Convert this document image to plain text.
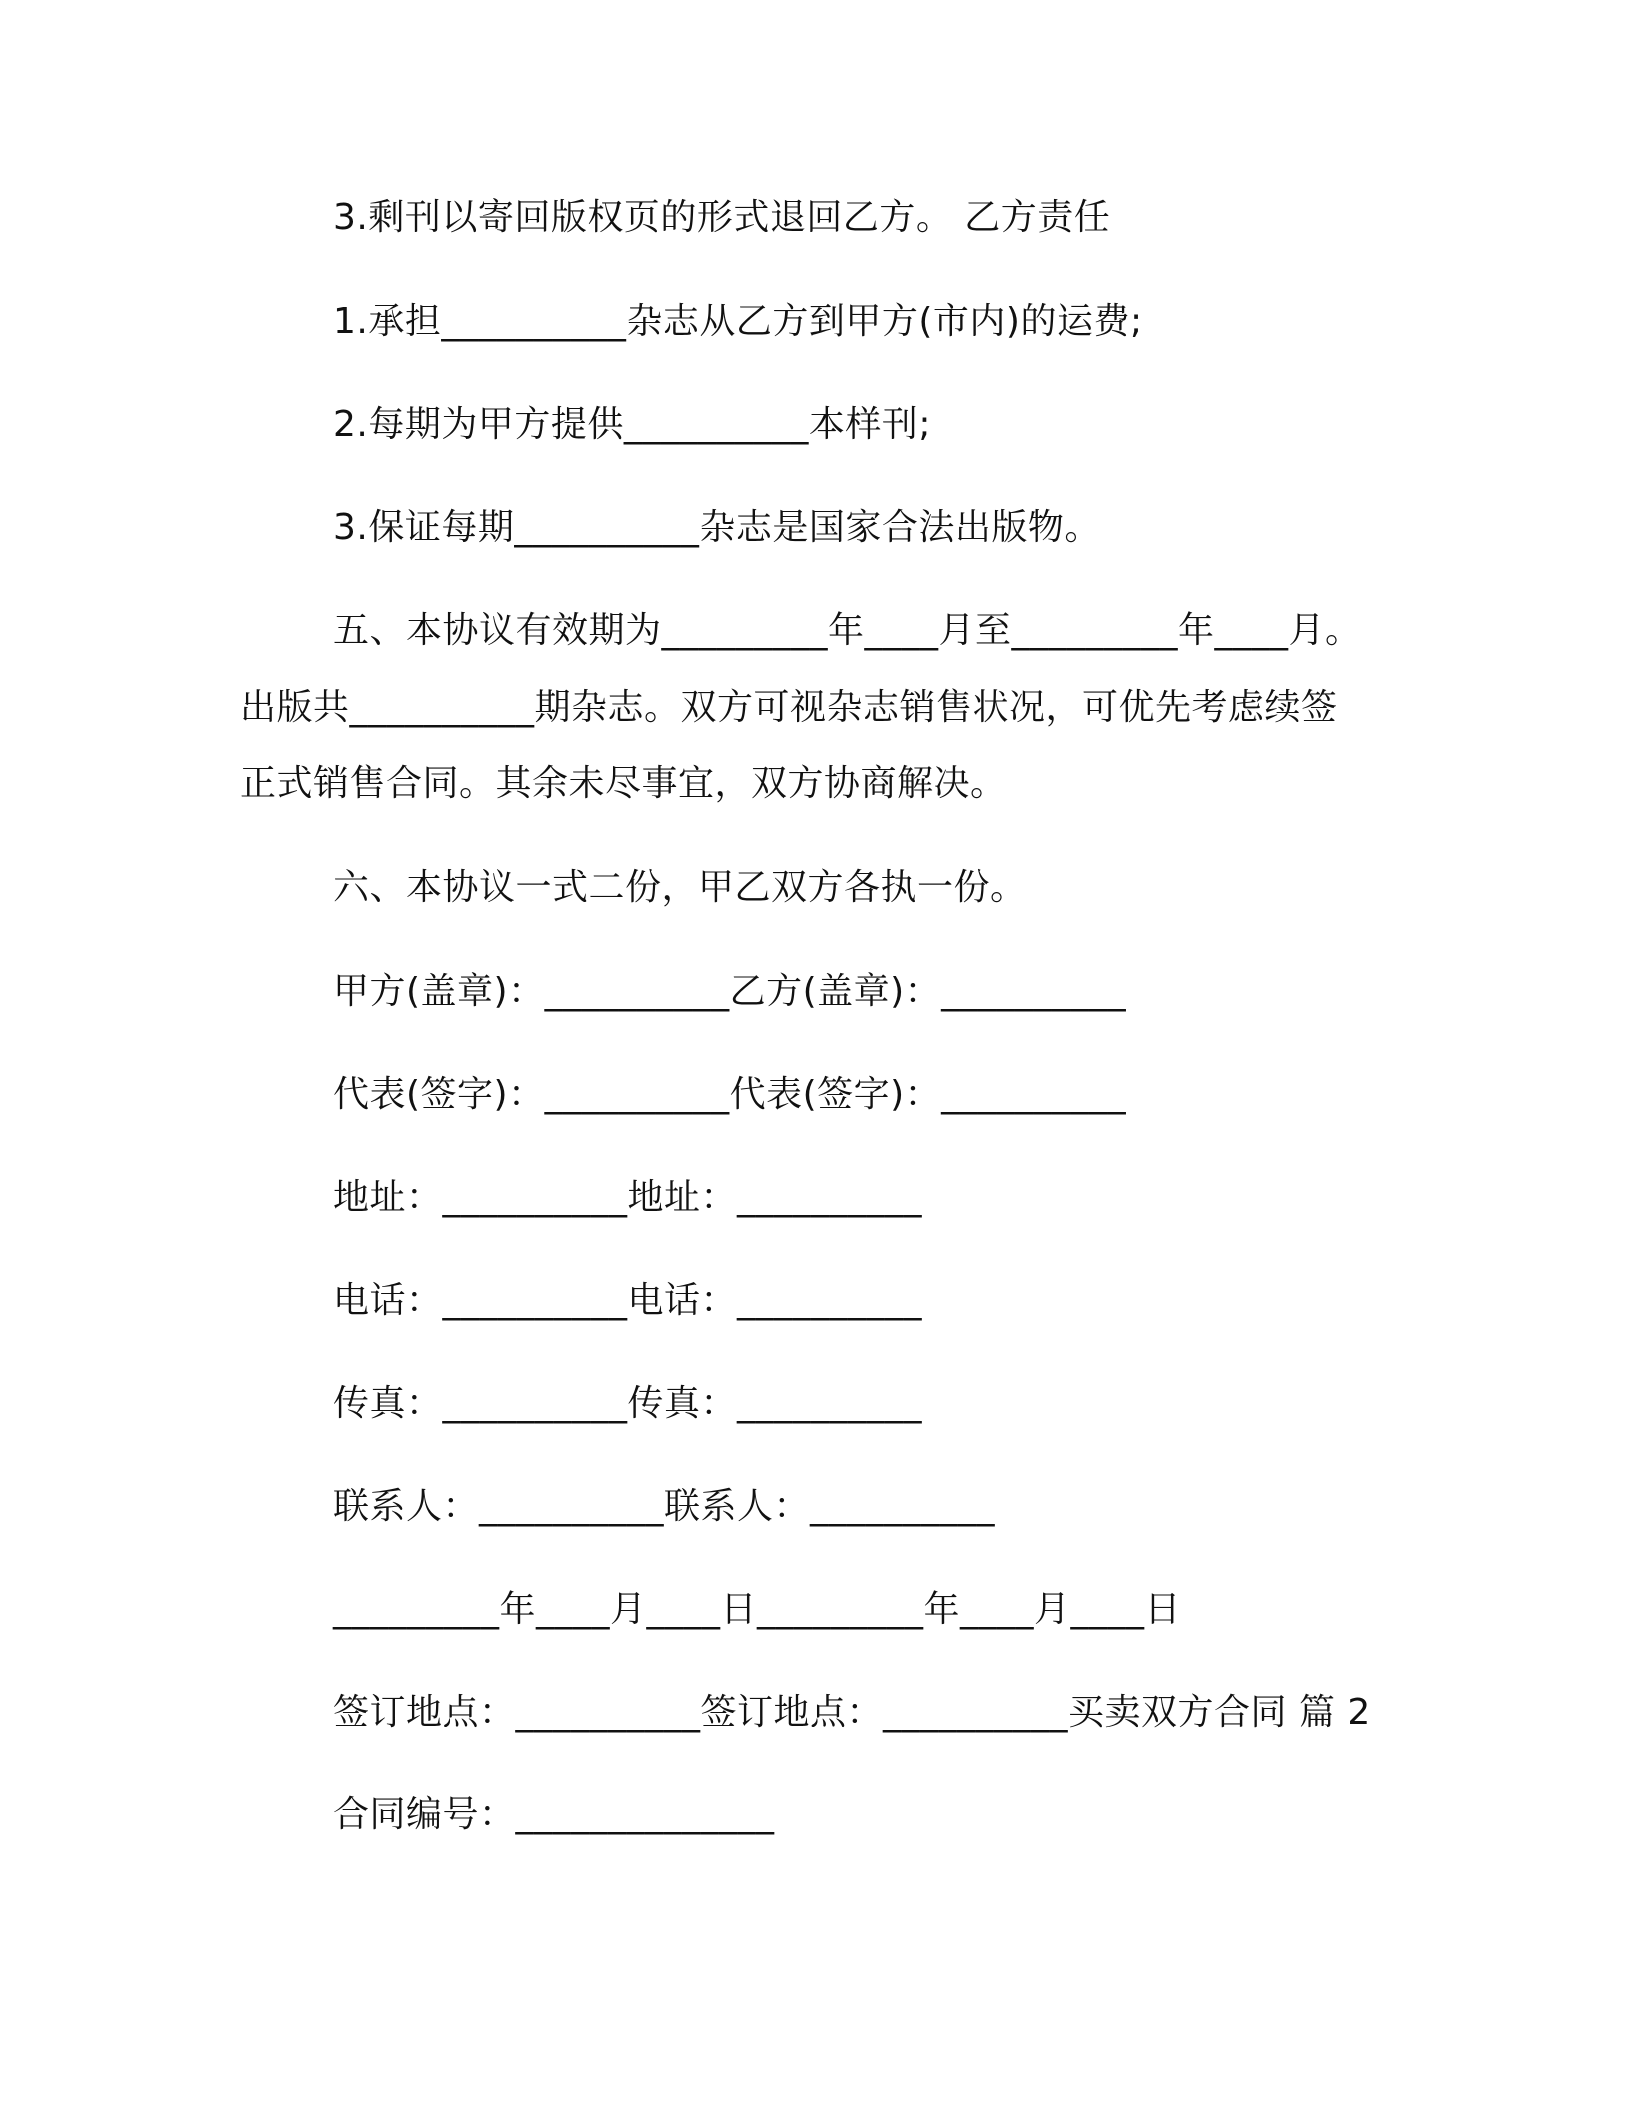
3.剩刊以寄回版权页的形式退回乙方。 乙方责任
1.承担__________杂志从乙方到甲方(市内)的运费;
2.每期为甲方提供__________本样刊;
3.保证每期__________杂志是国家合法出版物。
五、本协议有效期为_________年____月至_________年____月。
出版共__________期杂志。双方可视杂志销售状况，可优先考虑续签
正式销售合同。其余未尽事宜，双方协商解决。
六、本协议一式二份，甲乙双方各执一份。
甲方(盖章)：__________乙方(盖章)：__________
代表(签字)：__________代表(签字)：__________
地址：__________地址：__________
电话：__________电话：__________
传真：__________传真：__________
联系人：__________联系人：__________
_________年____月____日_________年____月____日
签订地点：__________签订地点：__________买卖双方合同 篇 2
合同编号：______________
